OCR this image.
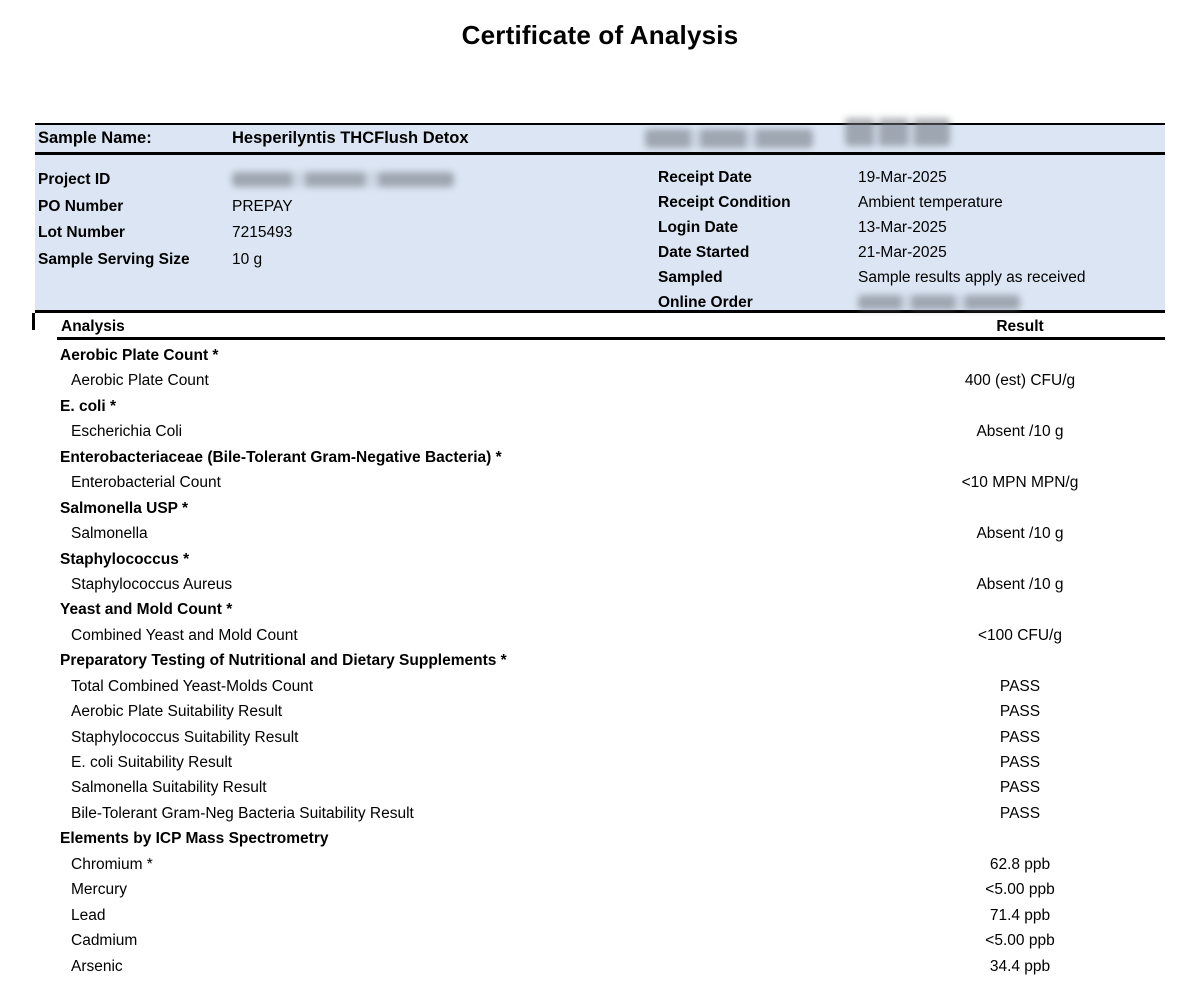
Certificate of Analysis
Sample Name:	Hesperilyntis THCFlush Detox
Project ID
PO Number	PREPAY
Lot Number	7215493
Sample Serving Size	10 g
Receipt Date	19-Mar-2025
Receipt Condition	Ambient temperature
Login Date	13-Mar-2025
Date Started	21-Mar-2025
Sampled	Sample results apply as received
Online Order
Analysis	Result
Aerobic Plate Count *
Aerobic Plate Count	400 (est) CFU/g
E. coli *
Escherichia Coli	Absent /10 g
Enterobacteriaceae (Bile-Tolerant Gram-Negative Bacteria) *
Enterobacterial Count	<10 MPN MPN/g
Salmonella USP *
Salmonella	Absent /10 g
Staphylococcus *
Staphylococcus Aureus	Absent /10 g
Yeast and Mold Count *
Combined Yeast and Mold Count	<100 CFU/g
Preparatory Testing of Nutritional and Dietary Supplements *
Total Combined Yeast-Molds Count	PASS
Aerobic Plate Suitability Result	PASS
Staphylococcus Suitability Result	PASS
E. coli Suitability Result	PASS
Salmonella Suitability Result	PASS
Bile-Tolerant Gram-Neg Bacteria Suitability Result	PASS
Elements by ICP Mass Spectrometry
Chromium *	62.8 ppb
Mercury	<5.00 ppb
Lead	71.4 ppb
Cadmium	<5.00 ppb
Arsenic	34.4 ppb
